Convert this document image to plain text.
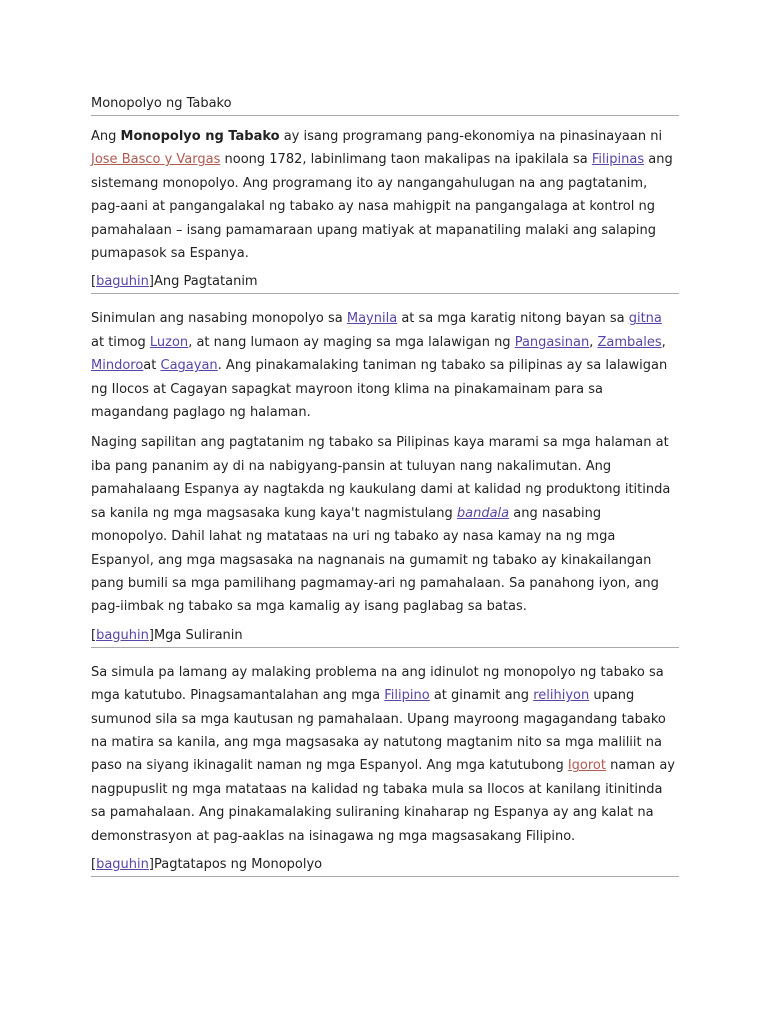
Monopolyo ng Tabako

Ang Monopolyo ng Tabako ay isang programang pang-ekonomiya na pinasinayaan ni Jose Basco y Vargas noong 1782, labinlimang taon makalipas na ipakilala sa Filipinas ang sistemang monopolyo. Ang programang ito ay nangangahulugan na ang pagtatanim, pag-aani at pangangalakal ng tabako ay nasa mahigpit na pangangalaga at kontrol ng pamahalaan – isang pamamaraan upang matiyak at mapanatiling malaki ang salaping pumapasok sa Espanya.

[baguhin]Ang Pagtatanim

Sinimulan ang nasabing monopolyo sa Maynila at sa mga karatig nitong bayan sa gitna at timog Luzon, at nang lumaon ay maging sa mga lalawigan ng Pangasinan, Zambales, Mindoroat Cagayan. Ang pinakamalaking taniman ng tabako sa pilipinas ay sa lalawigan ng Ilocos at Cagayan sapagkat mayroon itong klima na pinakamainam para sa magandang paglago ng halaman.

Naging sapilitan ang pagtatanim ng tabako sa Pilipinas kaya marami sa mga halaman at iba pang pananim ay di na nabigyang-pansin at tuluyan nang nakalimutan. Ang pamahalaang Espanya ay nagtakda ng kaukulang dami at kalidad ng produktong ititinda sa kanila ng mga magsasaka kung kaya't nagmistulang bandala ang nasabing monopolyo. Dahil lahat ng matataas na uri ng tabako ay nasa kamay na ng mga Espanyol, ang mga magsasaka na nagnanais na gumamit ng tabako ay kinakailangan pang bumili sa mga pamilihang pagmamay-ari ng pamahalaan. Sa panahong iyon, ang pag-iimbak ng tabako sa mga kamalig ay isang paglabag sa batas.

[baguhin]Mga Suliranin

Sa simula pa lamang ay malaking problema na ang idinulot ng monopolyo ng tabako sa mga katutubo. Pinagsamantalahan ang mga Filipino at ginamit ang relihiyon upang sumunod sila sa mga kautusan ng pamahalaan. Upang mayroong magagandang tabako na matira sa kanila, ang mga magsasaka ay natutong magtanim nito sa mga maliliit na paso na siyang ikinagalit naman ng mga Espanyol. Ang mga katutubong Igorot naman ay nagpupuslit ng mga matataas na kalidad ng tabaka mula sa Ilocos at kanilang itinitinda sa pamahalaan. Ang pinakamalaking suliraning kinaharap ng Espanya ay ang kalat na demonstrasyon at pag-aaklas na isinagawa ng mga magsasakang Filipino.

[baguhin]Pagtatapos ng Monopolyo
